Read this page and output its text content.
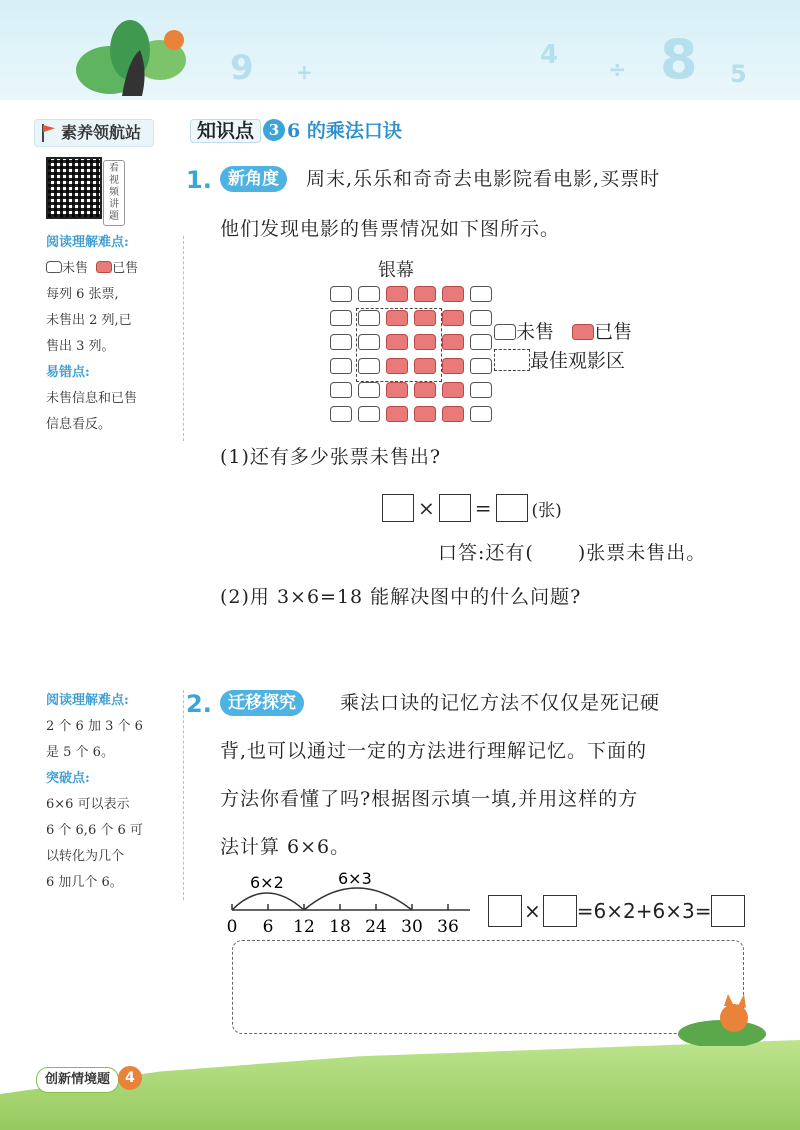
9 +	8 5
÷
4
素养领航站	知识点 3 6 的乘法口诀
看视频讲题
阅读理解难点:
未售 已售
每列 6 张票,
未售出 2 列,已
售出 3 列。
易错点:
未售信息和已售
信息看反。
1. 新角度	周末,乐乐和奇奇去电影院看电影,买票时
他们发现电影的售票情况如下图所示。
银幕
未售 已售
最佳观影区
(1)还有多少张票未售出?
× = (张)
口答:还有( )张票未售出。
(2)用 3×6=18 能解决图中的什么问题?
阅读理解难点:
2 个 6 加 3 个 6
是 5 个 6。
突破点:
6×6 可以表示
6 个 6,6 个 6 可
以转化为几个
6 加几个 6。
2. 迁移探究	乘法口诀的记忆方法不仅仅是死记硬
背,也可以通过一定的方法进行理解记忆。下面的
方法你看懂了吗?根据图示填一填,并用这样的方
法计算 6×6。
6×2	6×3
0 6 12 18 24 30 36
× =6×2+6×3=
创新情境题	4
